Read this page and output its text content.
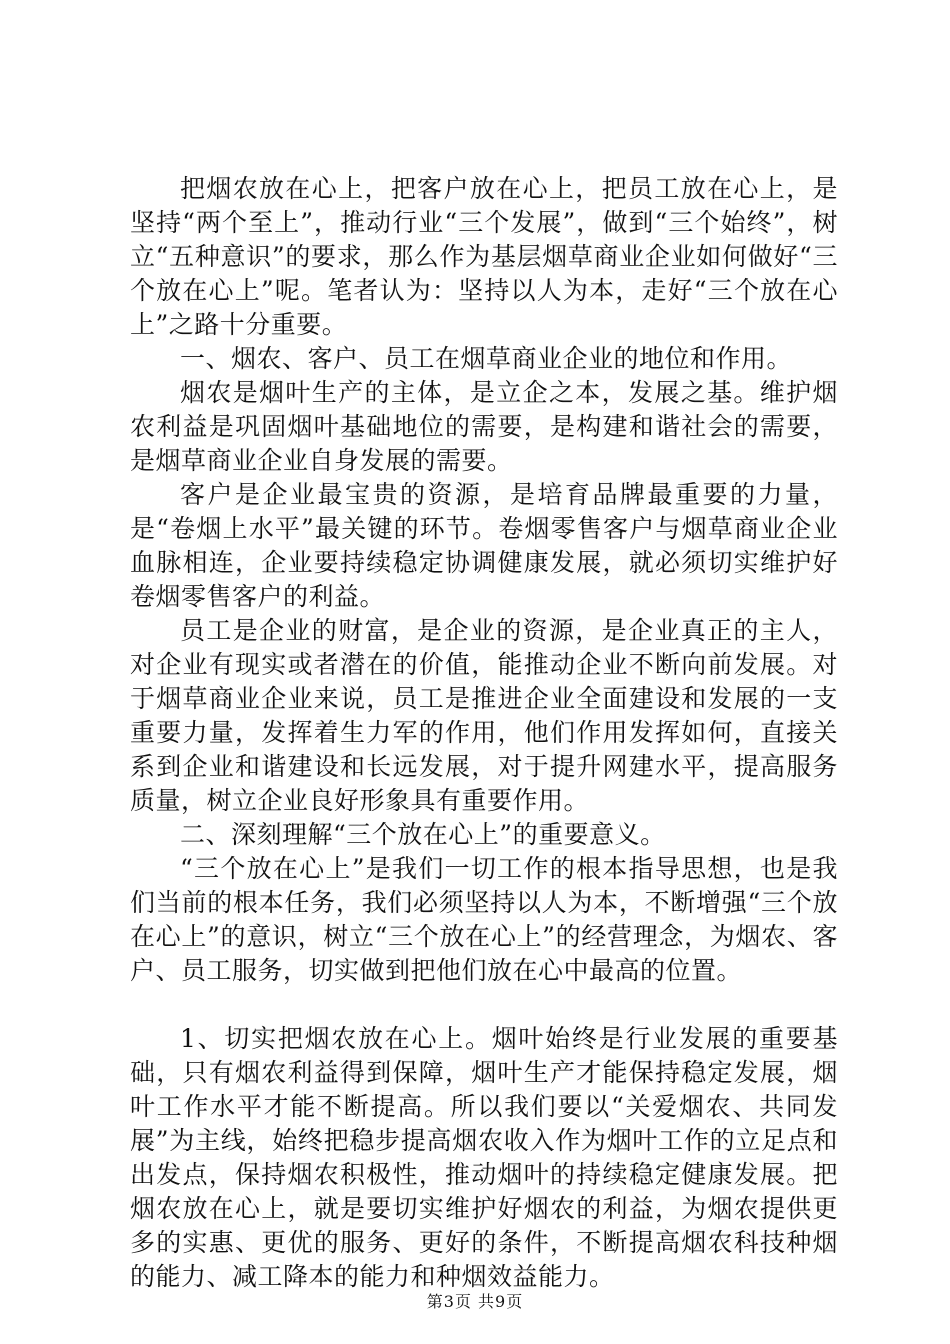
把烟农放在心上，把客户放在心上，把员工放在心上，是坚持“两个至上”，推动行业“三个发展”，做到“三个始终”，树立“五种意识”的要求，那么作为基层烟草商业企业如何做好“三个放在心上”呢。笔者认为：坚持以人为本，走好“三个放在心上”之路十分重要。

一、烟农、客户、员工在烟草商业企业的地位和作用。

烟农是烟叶生产的主体，是立企之本，发展之基。维护烟农利益是巩固烟叶基础地位的需要，是构建和谐社会的需要，是烟草商业企业自身发展的需要。

客户是企业最宝贵的资源，是培育品牌最重要的力量，是“卷烟上水平”最关键的环节。卷烟零售客户与烟草商业企业血脉相连，企业要持续稳定协调健康发展，就必须切实维护好卷烟零售客户的利益。

员工是企业的财富，是企业的资源，是企业真正的主人，对企业有现实或者潜在的价值，能推动企业不断向前发展。对于烟草商业企业来说，员工是推进企业全面建设和发展的一支重要力量，发挥着生力军的作用，他们作用发挥如何，直接关系到企业和谐建设和长远发展，对于提升网建水平，提高服务质量，树立企业良好形象具有重要作用。

二、深刻理解“三个放在心上”的重要意义。

“三个放在心上”是我们一切工作的根本指导思想，也是我们当前的根本任务，我们必须坚持以人为本，不断增强“三个放在心上”的意识，树立“三个放在心上”的经营理念，为烟农、客户、员工服务，切实做到把他们放在心中最高的位置。

1、切实把烟农放在心上。烟叶始终是行业发展的重要基础，只有烟农利益得到保障，烟叶生产才能保持稳定发展，烟叶工作水平才能不断提高。所以我们要以“关爱烟农、共同发展”为主线，始终把稳步提高烟农收入作为烟叶工作的立足点和出发点，保持烟农积极性，推动烟叶的持续稳定健康发展。把烟农放在心上，就是要切实维护好烟农的利益，为烟农提供更多的实惠、更优的服务、更好的条件，不断提高烟农科技种烟的能力、减工降本的能力和种烟效益能力。

第3页 共9页
